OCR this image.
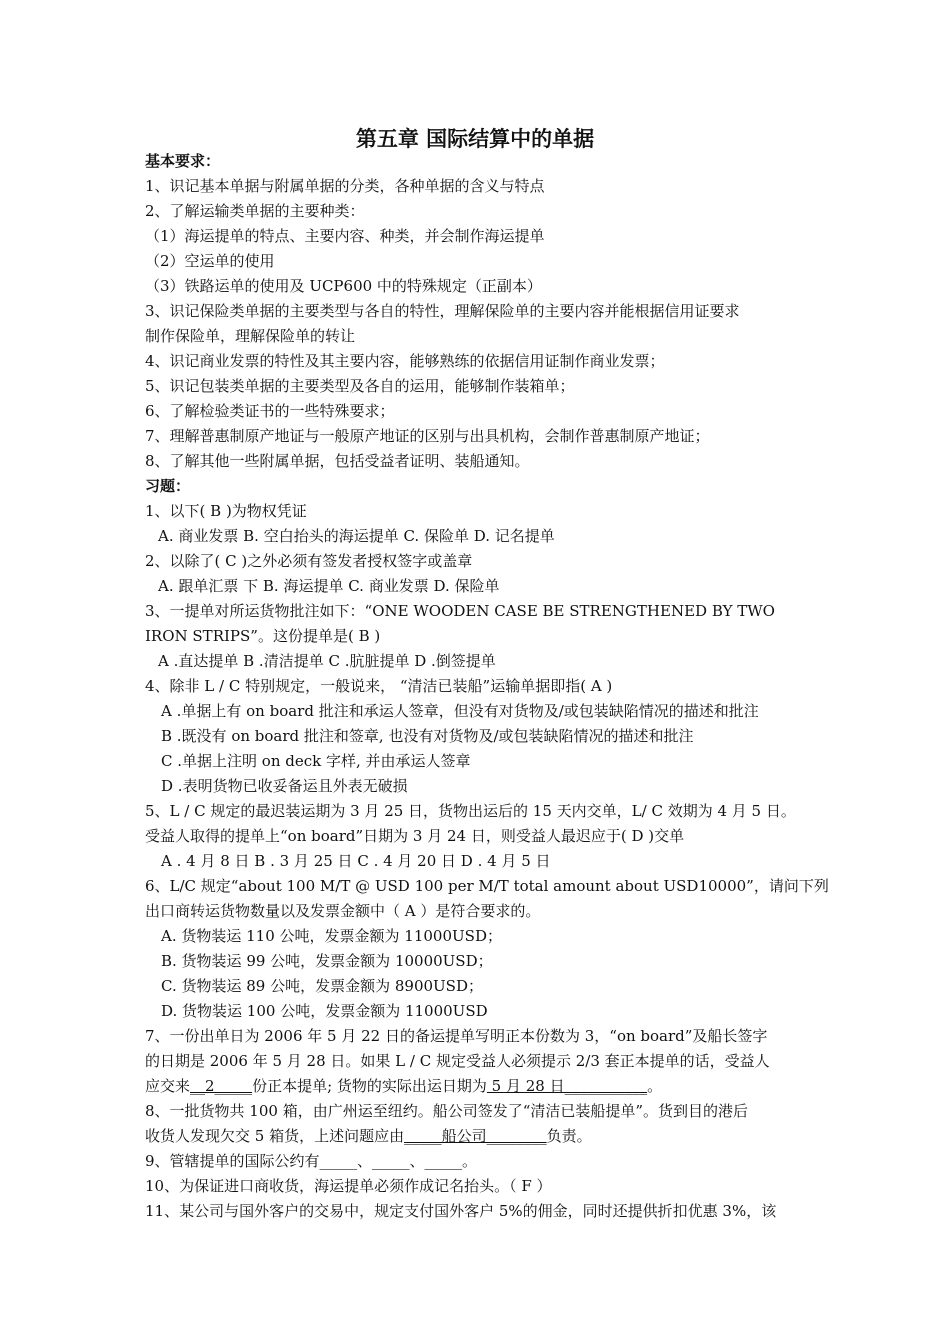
第五章 国际结算中的单据
基本要求：
1、识记基本单据与附属单据的分类，各种单据的含义与特点
2、了解运输类单据的主要种类：
（1）海运提单的特点、主要内容、种类，并会制作海运提单
（2）空运单的使用
（3）铁路运单的使用及 UCP600 中的特殊规定（正副本）
3、识记保险类单据的主要类型与各自的特性，理解保险单的主要内容并能根据信用证要求
制作保险单，理解保险单的转让
4、识记商业发票的特性及其主要内容，能够熟练的依据信用证制作商业发票；
5、识记包装类单据的主要类型及各自的运用，能够制作装箱单；
6、了解检验类证书的一些特殊要求；
7、理解普惠制原产地证与一般原产地证的区别与出具机构，会制作普惠制原产地证；
8、了解其他一些附属单据，包括受益者证明、装船通知。
习题：
1、以下( B )为物权凭证
A. 商业发票 B. 空白抬头的海运提单 C. 保险单 D. 记名提单
2、以除了( C )之外必须有签发者授权签字或盖章
A. 跟单汇票 下 B. 海运提单 C. 商业发票 D. 保险单
3、一提单对所运货物批注如下：“ONE WOODEN CASE BE STRENGTHENED BY TWO
IRON STRIPS”。这份提单是( B )
A .直达提单 B .清洁提单 C .肮脏提单 D .倒签提单
4、除非 L / C 特别规定，一般说来， “清洁已装船”运输单据即指( A )
A .单据上有 on board 批注和承运人签章，但没有对货物及/或包装缺陷情况的描述和批注
B .既没有 on board 批注和签章, 也没有对货物及/或包装缺陷情况的描述和批注
C .单据上注明 on deck 字样, 并由承运人签章
D .表明货物已收妥备运且外表无破损
5、L / C 规定的最迟装运期为 3 月 25 日，货物出运后的 15 天内交单，L/ C 效期为 4 月 5 日。
受益人取得的提单上“on board”日期为 3 月 24 日，则受益人最迟应于( D )交单
A . 4 月 8 日 B . 3 月 25 日 C . 4 月 20 日 D . 4 月 5 日
6、L/C 规定“about 100 M/T @ USD 100 per M/T total amount about USD10000”，请问下列
出口商转运货物数量以及发票金额中（ A ）是符合要求的。
A. 货物装运 110 公吨，发票金额为 11000USD；
B. 货物装运 99 公吨，发票金额为 10000USD；
C. 货物装运 89 公吨，发票金额为 8900USD；
D. 货物装运 100 公吨，发票金额为 11000USD
7、一份出单日为 2006 年 5 月 22 日的备运提单写明正本份数为 3，“on board”及船长签字
的日期是 2006 年 5 月 28 日。如果 L / C 规定受益人必须提示 2/3 套正本提单的话，受益人
应交来__2_____份正本提单; 货物的实际出运日期为 5 月 28 日___________。
8、一批货物共 100 箱，由广州运至纽约。船公司签发了“清洁已装船提单”。货到目的港后
收货人发现欠交 5 箱货，上述问题应由_____船公司________负责。
9、管辖提单的国际公约有_____、_____、_____。
10、为保证进口商收货，海运提单必须作成记名抬头。（ F ）
11、某公司与国外客户的交易中，规定支付国外客户 5%的佣金，同时还提供折扣优惠 3%，该
